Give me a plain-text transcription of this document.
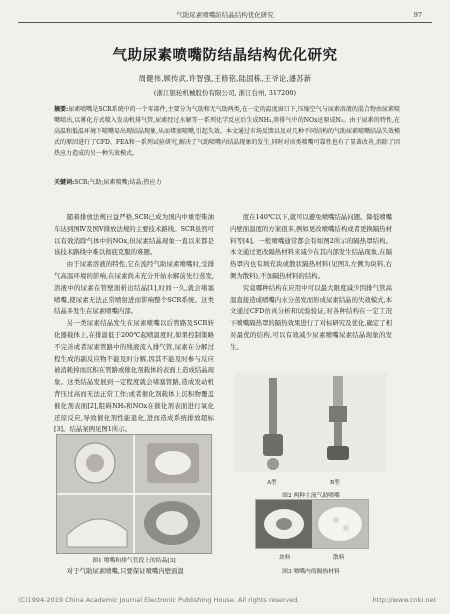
气助尿素喷嘴防结晶结构优化研究	97
气助尿素喷嘴防结晶结构优化研究
周健伟,顾传武,许智强,王修铭,陆国栋,王爷论,潘苏新
(浙江银轮机械股份有限公司, 浙江台州, 317200)
摘要:尿素喷嘴是SCR系统中的一个零部件,主要分为气助和无气助两类,在一定的温度窗口下,压缩空气与尿素溶液的混合物由尿素喷嘴喷出,以雾化方式喷入发动机排气管,尿素经过水解等一系列化学反应后生成NH₃,将排气中的NOx还原成N₂。由于尿素的特性,在高温和低温环境下喷嘴易出现结晶现象,从而堵塞喷嘴,引起失效。本文通过市场反馈以及对几种不同结构的气助尿素喷嘴结晶失效模式的原因进行了CFD、FEA和一系列试验研究,解决了气助喷嘴内结晶现象的发生,同时对该类喷嘴可靠性也有了显著改善,消除了因热应力造成的另一种失效模式。
关键词:SCR;气助;尿素喷嘴;结晶;热应力

随着排放法规日益严格,SCR已成为国内中重型柴油车达到国Ⅳ及国Ⅴ排放法规的主要技术路线。SCR虽然可以有效消除气体中的NOx,但尿素结晶现象一直以来都是该技术路线中难以彻底克服的难题。

由于尿素溶液的特性,它在流经气助尿素喷嘴时,受排气高温环境的影响,在尿素尚未充分开始水解前先行蒸发,溶液中的尿素在管壁面析出结晶[1],时间一久,就会堵塞喷嘴,使尿素无法正常喷射进而影响整个SCR系统。这类结晶多发生在尿素喷嘴内部。

另一类尿素结晶发生在尿素喷嘴以后管路及SCR转化器载体上,在排温低于200℃起喷温度时,如果控制策略不完善或者尿素管路中的残液流入排气管,尿素在分解过程生成的副反应物不能及时分解,因其不能及时参与反应被消耗掉而沉积在管路或催化剂载体的表面上造成结晶现象。这类结晶发展到一定程度就会堵塞管路,造成发动机背压过高而无法正常工作;或者催化剂载体上沉积物覆盖催化剂表面[2],阻碍NH₃和NOx在催化剂表面进行氧化还原反应,导致催化剂性能退化,进而造成系统排放超标[3]。结晶案例见图1所示。

图1 喷嘴和排气管段上的结晶[3]

对于气助尿素喷嘴,只要保证喷嘴内壁面温

度在140℃以下,就可以避免喷嘴结晶问题。降低喷嘴内壁面温度的方案很多,例如更改喷嘴结构或者更换隔热材料等[4]。一般喷嘴通常都会有如图2所示的隔热罩结构。本文通过更改隔热材料来减少在其内部发生结晶现象,在隔热罩内也有填充块或散状隔热材料(见图3,左侧为块料,右侧为散料),不加隔热材料的结构。

究竟哪种结构在应用中可以最大限度减少因排气管高温直接造成喷嘴内水分蒸发而形成尿素结晶的失效模式,本文通过CFD仿真分析和试验验证,对各种结构在一定工况下喷嘴隔热罩的隔热效果进行了对标研究及优化,确定了相对最优的结构,可以有效减少尿素喷嘴尿素结晶现象的发生。

A型	B型
图2 两种主流气助喷嘴
块料	散料
图3 喷嘴内的隔热材料
(C)1994-2019 China Academic Journal Electronic Publishing House. All rights reserved.	http://www.cnki.net
